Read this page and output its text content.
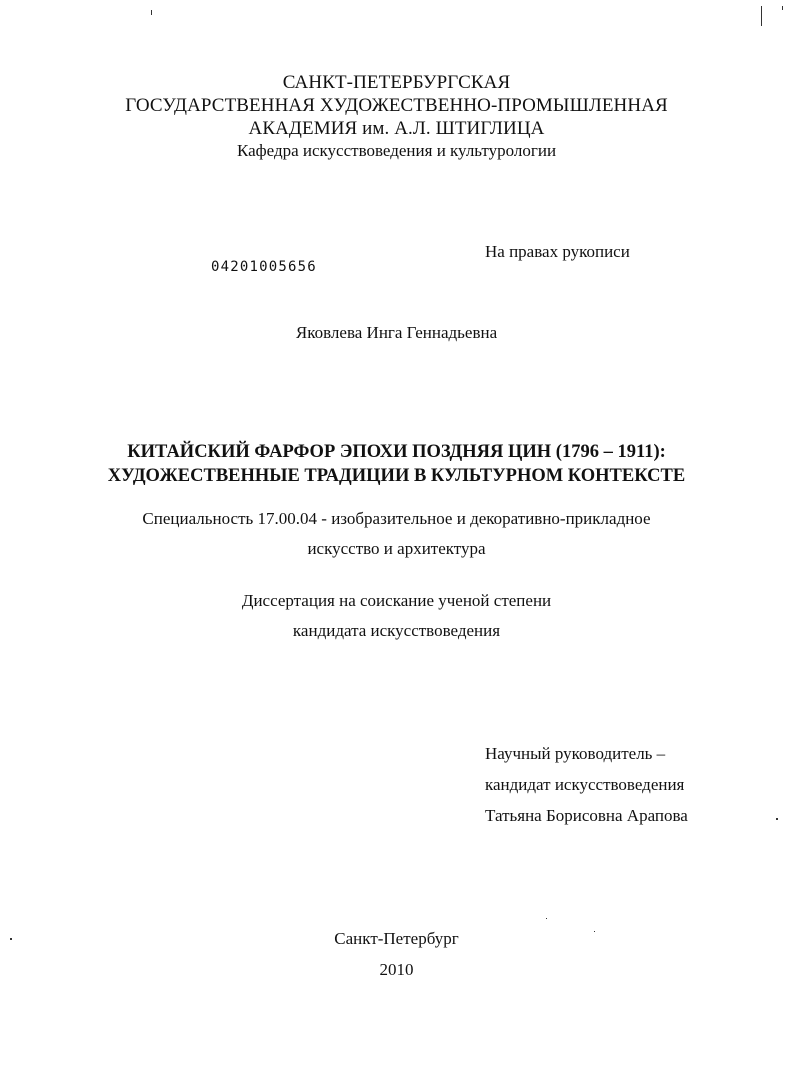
САНКТ-ПЕТЕРБУРГСКАЯ
ГОСУДАРСТВЕННАЯ ХУДОЖЕСТВЕННО-ПРОМЫШЛЕННАЯ
АКАДЕМИЯ им. А.Л. ШТИГЛИЦА
Кафедра искусствоведения и культурологии
На правах рукописи
04201005656
Яковлева Инга Геннадьевна
КИТАЙСКИЙ ФАРФОР ЭПОХИ ПОЗДНЯЯ ЦИН (1796 – 1911):
ХУДОЖЕСТВЕННЫЕ ТРАДИЦИИ В КУЛЬТУРНОМ КОНТЕКСТЕ
Специальность 17.00.04 - изобразительное и декоративно-прикладное
искусство и архитектура
Диссертация на соискание ученой степени
кандидата искусствоведения
Научный руководитель –
кандидат искусствоведения
Татьяна Борисовна Арапова
Санкт-Петербург
2010
